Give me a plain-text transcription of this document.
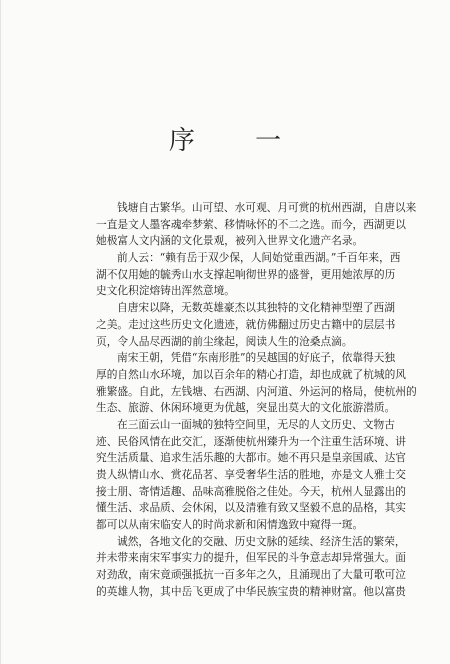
序 一
钱塘自古繁华。山可望、水可观、月可赏的杭州西湖，自唐以来
一直是文人墨客魂牵梦萦、移情咏怀的不二之选。而今，西湖更以
她极富人文内涵的文化景观，被列入世界文化遗产名录。
前人云：“赖有岳于双少保，人间始觉重西湖。”千百年来，西
湖不仅用她的毓秀山水支撑起响彻世界的盛誉，更用她浓厚的历
史文化积淀熔铸出浑然意境。
自唐宋以降，无数英雄豪杰以其独特的文化精神型塑了西湖
之美。走过这些历史文化遗迹，就仿佛翻过历史古籍中的层层书
页，令人品尽西湖的前尘缘起，阅读人生的沧桑点滴。
南宋王朝，凭借“东南形胜”的吴越国的好底子，依靠得天独
厚的自然山水环境，加以百余年的精心打造，却也成就了杭城的风
雅繁盛。自此，左钱塘、右西湖、内河道、外运河的格局，使杭州的
生态、旅游、休闲环境更为优越，突显出莫大的文化旅游潜质。
在三面云山一面城的独特空间里，无尽的人文历史、文物古
迹、民俗风情在此交汇，逐渐使杭州臻升为一个注重生活环境、讲
究生活质量、追求生活乐趣的大都市。她不再只是皇亲国戚、达官
贵人纵情山水、赏花品茗、享受奢华生活的胜地，亦是文人雅士交
接士朋、寄情适趣、品味高雅脱俗之佳处。今天，杭州人显露出的
懂生活、求品质、会休闲，以及清雅有致又坚毅不息的品格，其实
都可以从南宋临安人的时尚求新和闲情逸致中窥得一斑。
诚然，各地文化的交融、历史文脉的延续、经济生活的繁荣，
并未带来南宋军事实力的提升，但军民的斗争意志却异常强大。面
对劲敌，南宋竟顽强抵抗一百多年之久，且涌现出了大量可歌可泣
的英雄人物，其中岳飞更成了中华民族宝贵的精神财富。他以富贵
